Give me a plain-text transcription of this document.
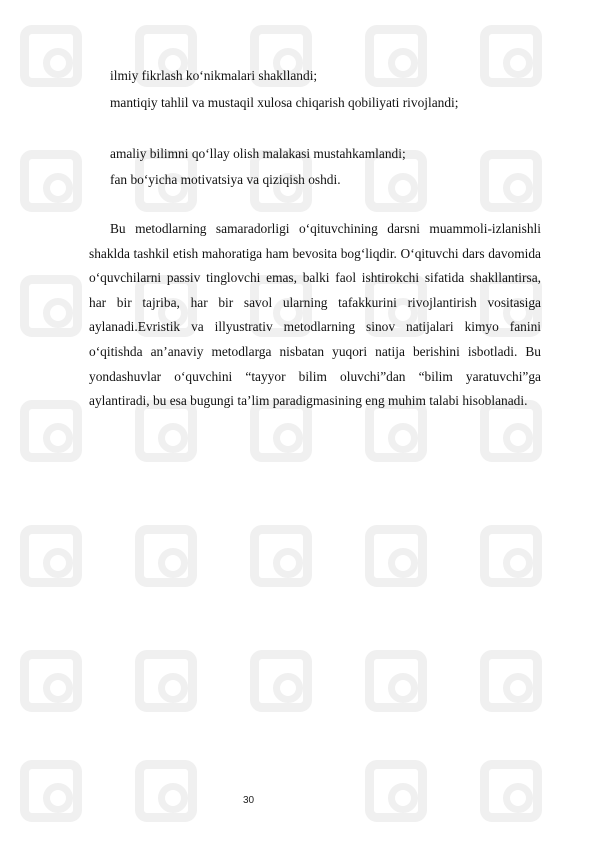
ilmiy fikrlash ko‘nikmalari shakllandi;
mantiqiy tahlil va mustaqil xulosa chiqarish qobiliyati rivojlandi;
amaliy bilimni qo‘llay olish malakasi mustahkamlandi;
fan bo‘yicha motivatsiya va qiziqish oshdi.

Bu metodlarning samaradorligi o‘qituvchining darsni muammoli-izlanishli shaklda tashkil etish mahoratiga ham bevosita bog‘liqdir. O‘qituvchi dars davomida o‘quvchilarni passiv tinglovchi emas, balki faol ishtirokchi sifatida shakllantirsa, har bir tajriba, har bir savol ularning tafakkurini rivojlantirish vositasiga aylanadi.Evristik va illyustrativ metodlarning sinov natijalari kimyo fanini o‘qitishda an’anaviy metodlarga nisbatan yuqori natija berishini isbotladi. Bu yondashuvlar o‘quvchini “tayyor bilim oluvchi”dan “bilim yaratuvchi”ga aylantiradi, bu esa bugungi ta’lim paradigmasining eng muhim talabi hisoblanadi.

30
